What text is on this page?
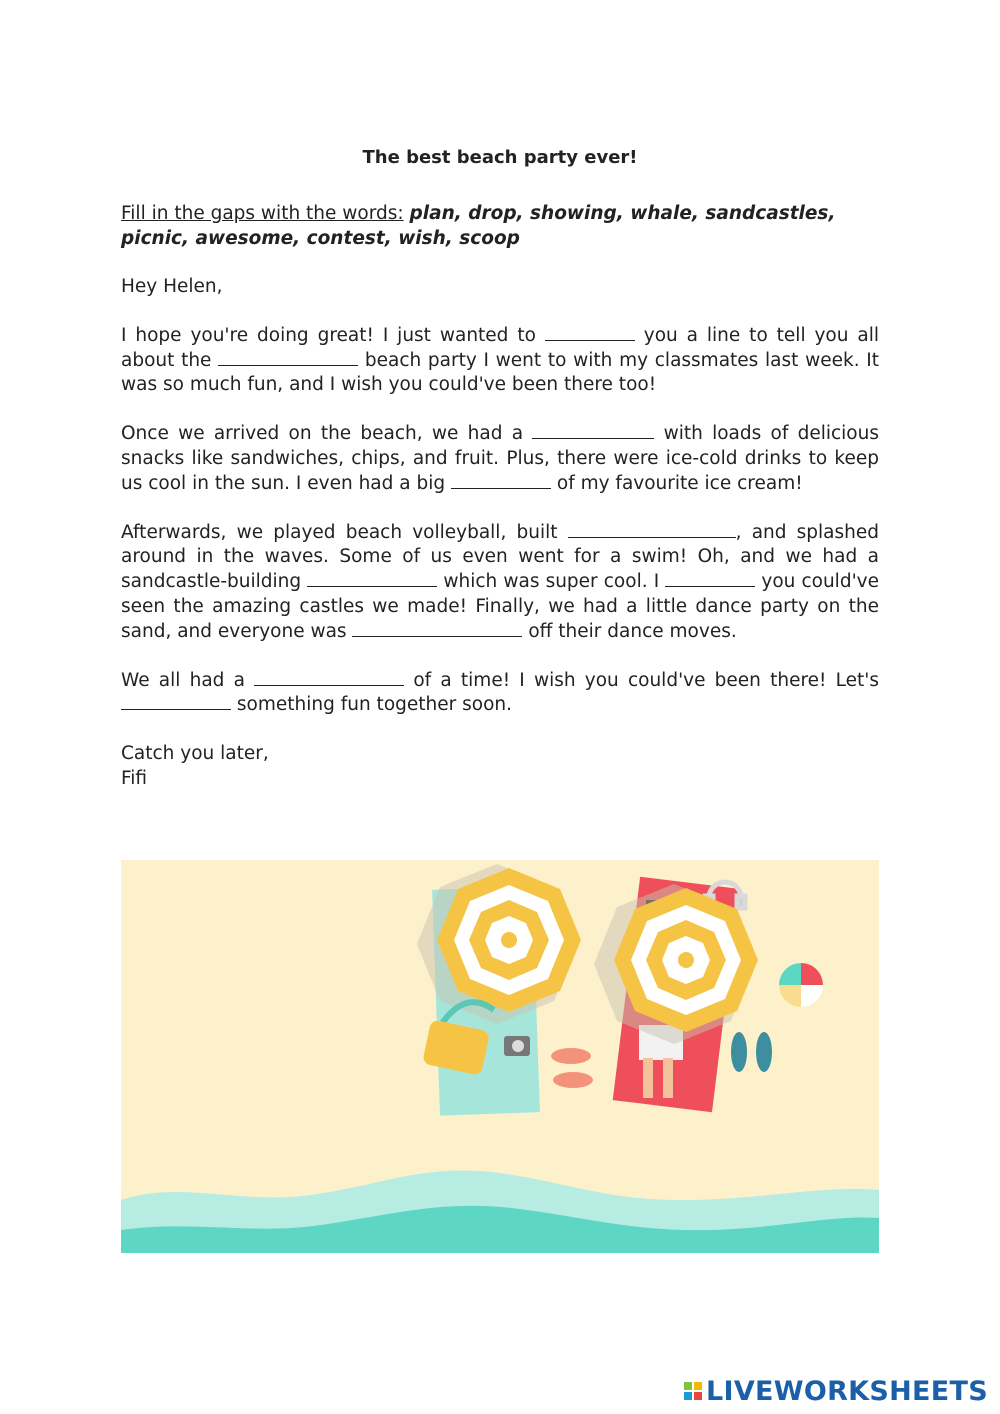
The best beach party ever!
Fill in the gaps with the words: plan, drop, showing, whale, sandcastles, picnic, awesome, contest, wish, scoop

Hey Helen,

I hope you're doing great! I just wanted to	you a line to tell you all about the	beach party I went to with my classmates last week. It was so much fun, and I wish you could've been there too!

Once we arrived on the beach, we had a	with loads of delicious snacks like sandwiches, chips, and fruit. Plus, there were ice-cold drinks to keep us cool in the sun. I even had a big	of my favourite ice cream!

Afterwards, we played beach volleyball, built	, and splashed around in the waves. Some of us even went for a swim! Oh, and we had a sandcastle-building	which was super cool. I	you could've seen the amazing castles we made! Finally, we had a little dance party on the sand, and everyone was	off their dance moves.

We all had a	of a time! I wish you could've been there! Let's  something fun together soon.

Catch you later,
Fifi

LIVEWORKSHEETS
